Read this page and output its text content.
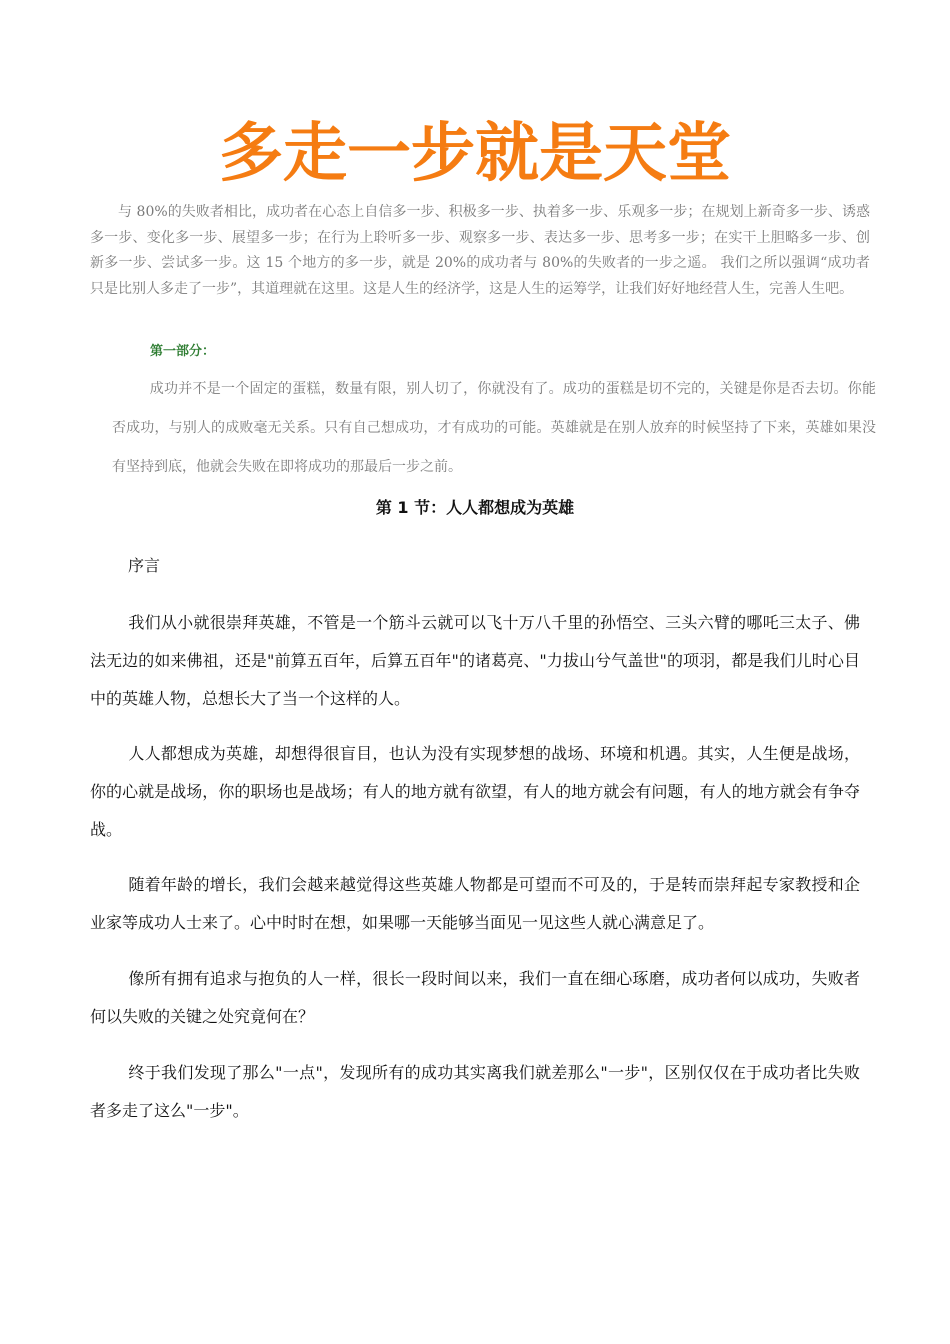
多走一步就是天堂

与 80%的失败者相比，成功者在心态上自信多一步、积极多一步、执着多一步、乐观多一步；在规划上新奇多一步、诱惑多一步、变化多一步、展望多一步；在行为上聆听多一步、观察多一步、表达多一步、思考多一步；在实干上胆略多一步、创新多一步、尝试多一步。这 15 个地方的多一步，就是 20%的成功者与 80%的失败者的一步之遥。 我们之所以强调“成功者只是比别人多走了一步”，其道理就在这里。这是人生的经济学，这是人生的运筹学，让我们好好地经营人生，完善人生吧。

第一部分：

成功并不是一个固定的蛋糕，数量有限，别人切了，你就没有了。成功的蛋糕是切不完的，关键是你是否去切。你能否成功，与别人的成败毫无关系。只有自己想成功，才有成功的可能。英雄就是在别人放弃的时候坚持了下来，英雄如果没有坚持到底，他就会失败在即将成功的那最后一步之前。

第 1 节：人人都想成为英雄

序言

我们从小就很崇拜英雄，不管是一个筋斗云就可以飞十万八千里的孙悟空、三头六臂的哪吒三太子、佛法无边的如来佛祖，还是"前算五百年，后算五百年"的诸葛亮、"力拔山兮气盖世"的项羽，都是我们儿时心目中的英雄人物，总想长大了当一个这样的人。

人人都想成为英雄，却想得很盲目，也认为没有实现梦想的战场、环境和机遇。其实，人生便是战场，你的心就是战场，你的职场也是战场；有人的地方就有欲望，有人的地方就会有问题，有人的地方就会有争夺战。

随着年龄的增长，我们会越来越觉得这些英雄人物都是可望而不可及的，于是转而崇拜起专家教授和企业家等成功人士来了。心中时时在想，如果哪一天能够当面见一见这些人就心满意足了。

像所有拥有追求与抱负的人一样，很长一段时间以来，我们一直在细心琢磨，成功者何以成功，失败者何以失败的关键之处究竟何在？

终于我们发现了那么"一点"，发现所有的成功其实离我们就差那么"一步"，区别仅仅在于成功者比失败者多走了这么"一步"。
